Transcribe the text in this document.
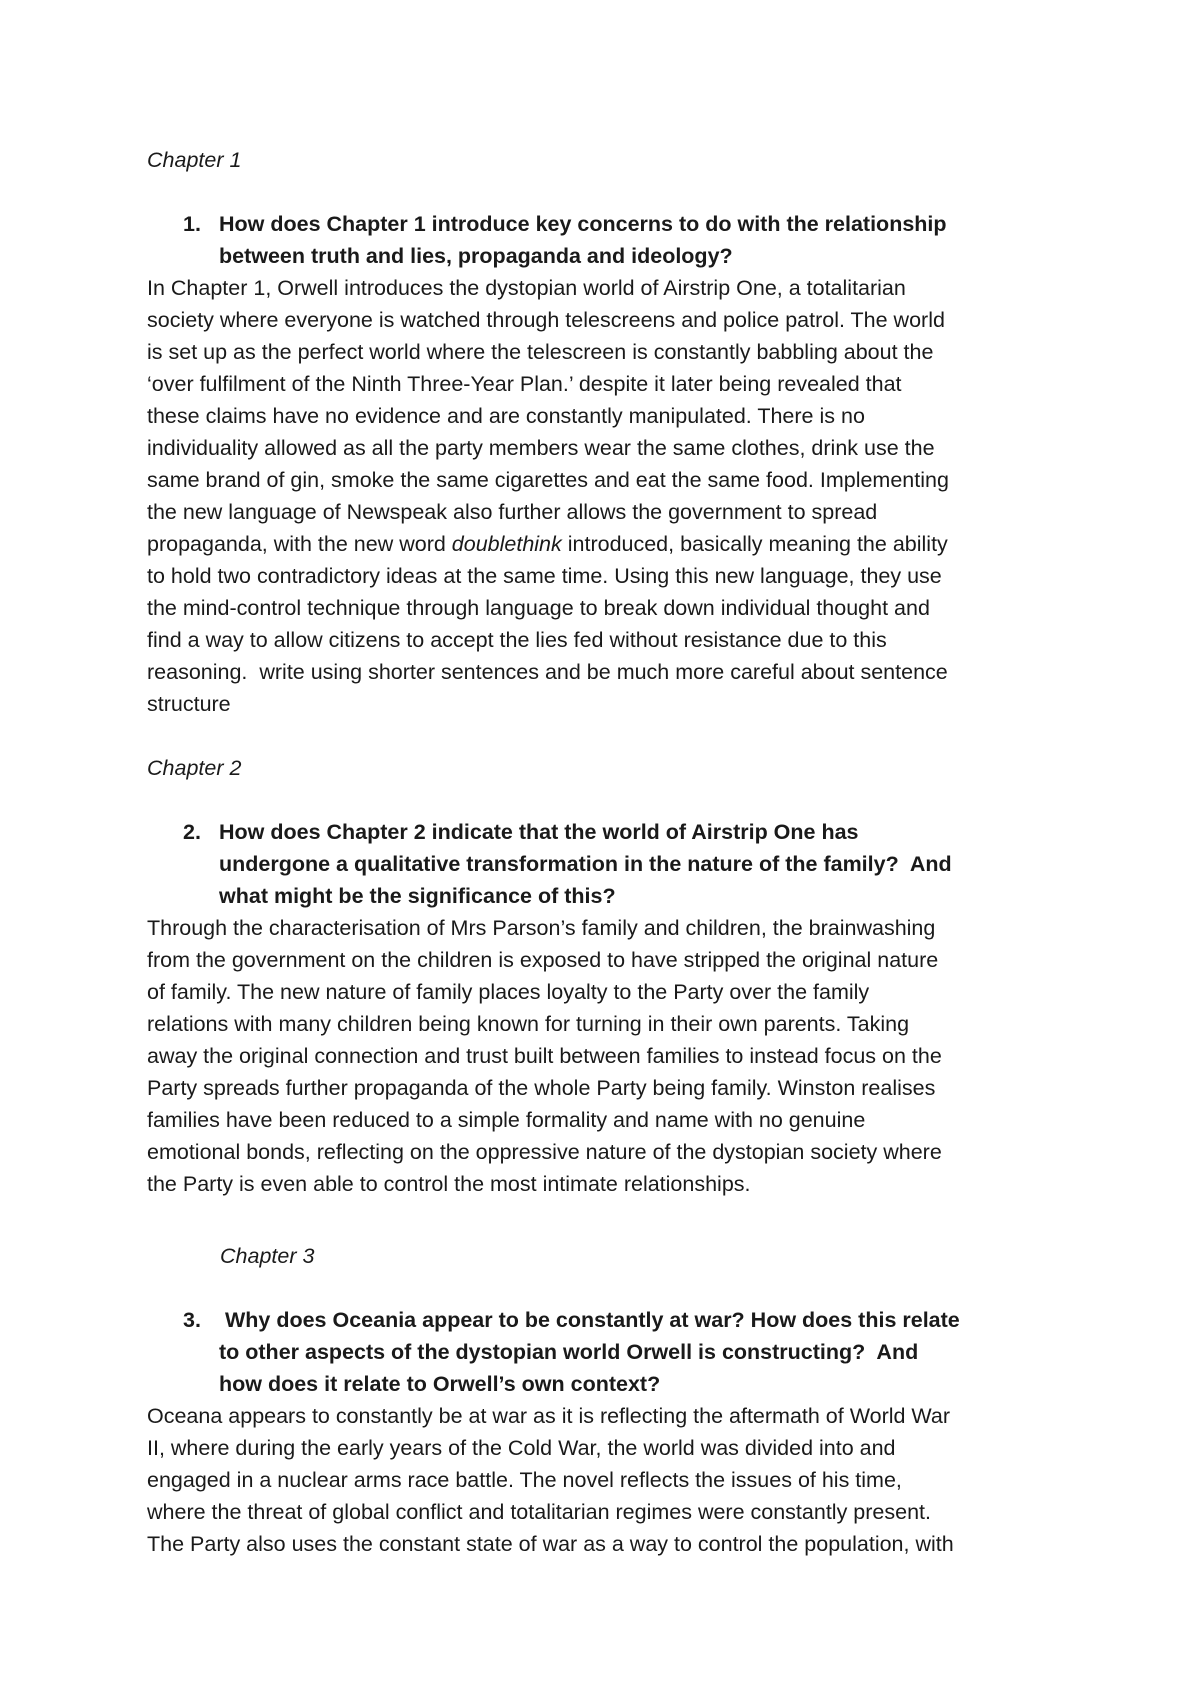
Chapter 1
1. How does Chapter 1 introduce key concerns to do with the relationship
between truth and lies, propaganda and ideology?
In Chapter 1, Orwell introduces the dystopian world of Airstrip One, a totalitarian
society where everyone is watched through telescreens and police patrol. The world
is set up as the perfect world where the telescreen is constantly babbling about the
‘over fulfilment of the Ninth Three-Year Plan.’ despite it later being revealed that
these claims have no evidence and are constantly manipulated. There is no
individuality allowed as all the party members wear the same clothes, drink use the
same brand of gin, smoke the same cigarettes and eat the same food. Implementing
the new language of Newspeak also further allows the government to spread
propaganda, with the new word doublethink introduced, basically meaning the ability
to hold two contradictory ideas at the same time. Using this new language, they use
the mind-control technique through language to break down individual thought and
find a way to allow citizens to accept the lies fed without resistance due to this
reasoning.  write using shorter sentences and be much more careful about sentence
structure
Chapter 2
2. How does Chapter 2 indicate that the world of Airstrip One has
undergone a qualitative transformation in the nature of the family?  And
what might be the significance of this?
Through the characterisation of Mrs Parson’s family and children, the brainwashing
from the government on the children is exposed to have stripped the original nature
of family. The new nature of family places loyalty to the Party over the family
relations with many children being known for turning in their own parents. Taking
away the original connection and trust built between families to instead focus on the
Party spreads further propaganda of the whole Party being family. Winston realises
families have been reduced to a simple formality and name with no genuine
emotional bonds, reflecting on the oppressive nature of the dystopian society where
the Party is even able to control the most intimate relationships.
Chapter 3
3. Why does Oceania appear to be constantly at war? How does this relate
to other aspects of the dystopian world Orwell is constructing?  And
how does it relate to Orwell’s own context?
Oceana appears to constantly be at war as it is reflecting the aftermath of World War
II, where during the early years of the Cold War, the world was divided into and
engaged in a nuclear arms race battle. The novel reflects the issues of his time,
where the threat of global conflict and totalitarian regimes were constantly present.
The Party also uses the constant state of war as a way to control the population, with
